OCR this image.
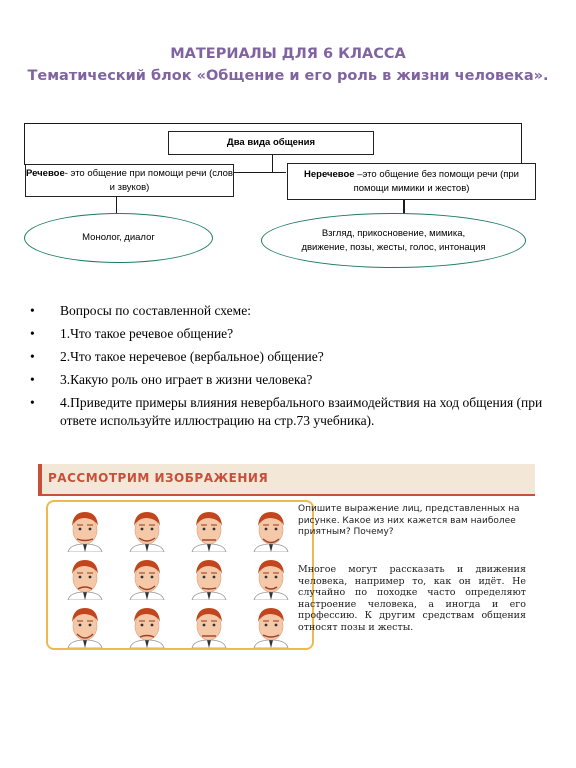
МАТЕРИАЛЫ ДЛЯ 6 КЛАССА
Тематический блок «Общение и его роль в жизни человека».
Два вида общения
Речевое- это общение при помощи речи (слов и звуков)
Неречевое –это общение без помощи речи (при помощи мимики и жестов)
Монолог, диалог	Взгляд, прикосновение, мимика, движение, позы, жесты, голос, интонация
• Вопросы по составленной схеме:
• 1.Что такое речевое общение?
• 2.Что такое неречевое (вербальное) общение?
• 3.Какую роль оно играет в жизни человека?
• 4.Приведите примеры влияния невербального взаимодействия на ход общения (при ответе используйте иллюстрацию на стр.73 учебника).
РАССМОТРИМ ИЗОБРАЖЕНИЯ
Опишите выражение лиц, представленных на рисунке. Какое из них кажется вам наиболее приятным? Почему?
Многое могут рассказать и движения человека, например то, как он идёт. Не случайно по походке часто определяют настроение человека, а иногда и его профессию. К другим средствам общения относят позы и жесты.
